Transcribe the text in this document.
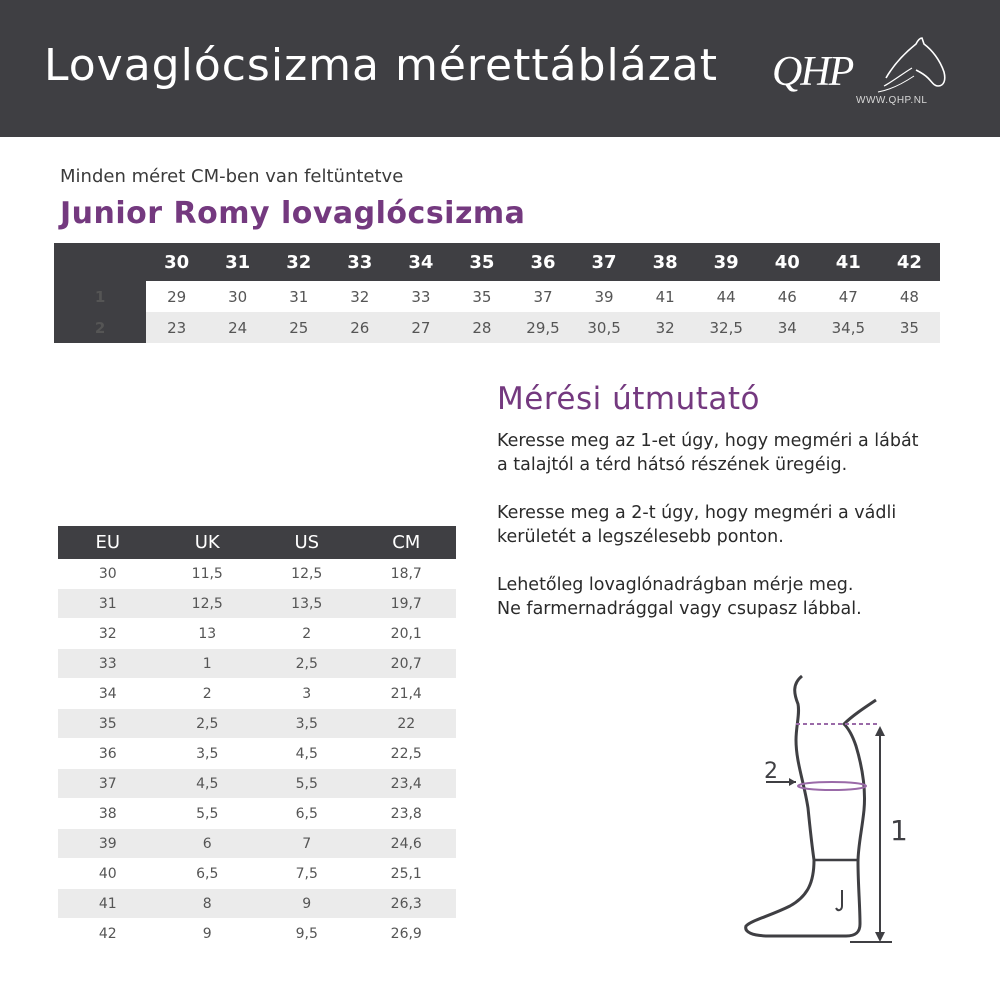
Lovaglócsizma mérettáblázat QHP
WWW.QHP.NL
Minden méret CM-ben van feltüntetve
Junior Romy lovaglócsizma
	30	31	32	33	34	35	36	37	38	39	40	41	42
1	29	30	31	32	33	35	37	39	41	44	46	47	48
2	23	24	25	26	27	28	29,5	30,5	32	32,5	34	34,5	35
EU	UK	US	CM
30	11,5	12,5	18,7
31	12,5	13,5	19,7
32	13	2	20,1
33	1	2,5	20,7
34	2	3	21,4
35	2,5	3,5	22
36	3,5	4,5	22,5
37	4,5	5,5	23,4
38	5,5	6,5	23,8
39	6	7	24,6
40	6,5	7,5	25,1
41	8	9	26,3
42	9	9,5	26,9
Mérési útmutató

Keresse meg az 1-et úgy, hogy megméri a lábát
a talajtól a térd hátsó részének üregéig.

Keresse meg a 2-t úgy, hogy megméri a vádli
kerületét a legszélesebb ponton.

Lehetőleg lovaglónadrágban mérje meg.
Ne farmernadrággal vagy csupasz lábbal.

2
1
